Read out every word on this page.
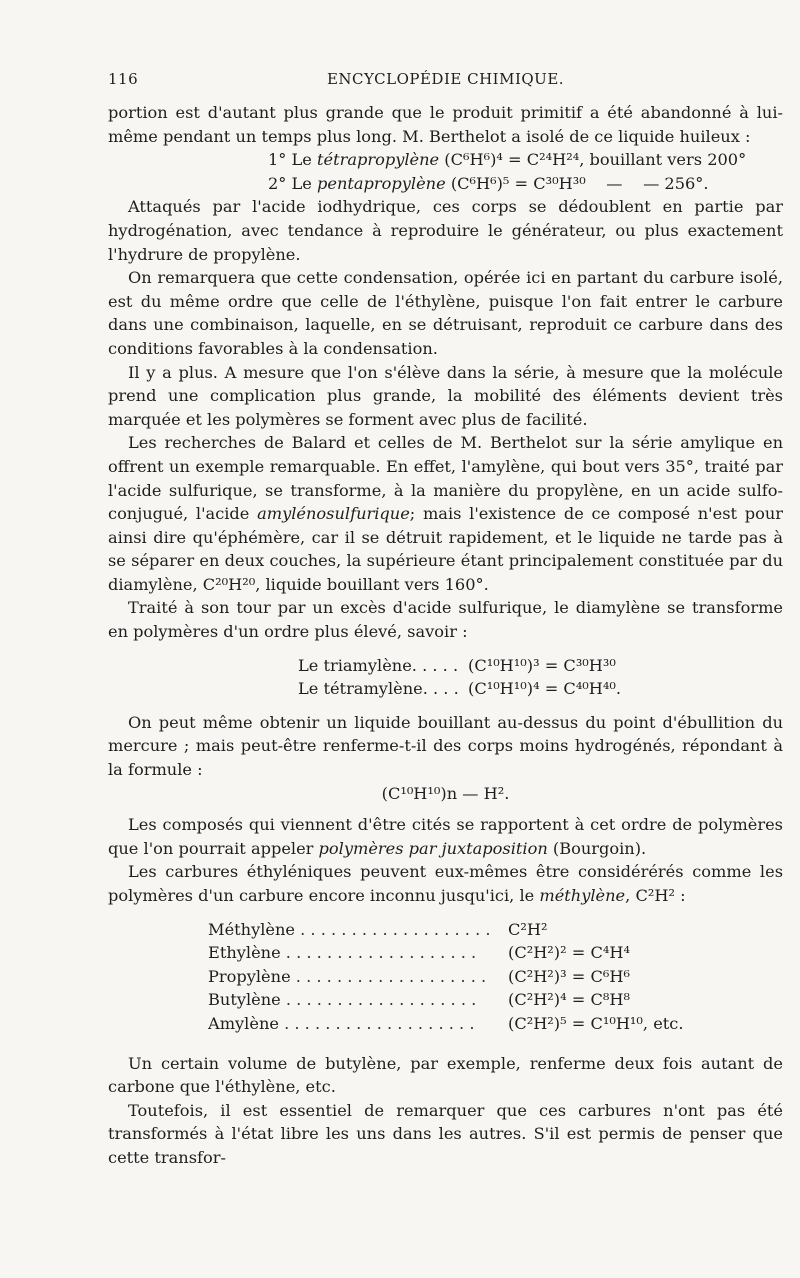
116	ENCYCLOPÉDIE CHIMIQUE.

portion est d'autant plus grande que le produit primitif a été abandonné à lui-même pendant un temps plus long. M. Berthelot a isolé de ce liquide huileux :

1° Le tétrapropylène (C⁶H⁶)⁴ = C²⁴H²⁴, bouillant vers 200°

2° Le pentapropylène (C⁶H⁶)⁵ = C³⁰H³⁰    —    — 256°.

Attaqués par l'acide iodhydrique, ces corps se dédoublent en partie par hydrogénation, avec tendance à reproduire le générateur, ou plus exactement l'hydrure de propylène.

On remarquera que cette condensation, opérée ici en partant du carbure isolé, est du même ordre que celle de l'éthylène, puisque l'on fait entrer le carbure dans une combinaison, laquelle, en se détruisant, reproduit ce carbure dans des conditions favorables à la condensation.

Il y a plus. A mesure que l'on s'élève dans la série, à mesure que la molécule prend une complication plus grande, la mobilité des éléments devient très marquée et les polymères se forment avec plus de facilité.

Les recherches de Balard et celles de M. Berthelot sur la série amylique en offrent un exemple remarquable. En effet, l'amylène, qui bout vers 35°, traité par l'acide sulfurique, se transforme, à la manière du propylène, en un acide sulfo-conjugué, l'acide amylénosulfurique; mais l'existence de ce composé n'est pour ainsi dire qu'éphémère, car il se détruit rapidement, et le liquide ne tarde pas à se séparer en deux couches, la supérieure étant principalement constituée par du diamylène, C²⁰H²⁰, liquide bouillant vers 160°.

Traité à son tour par un excès d'acide sulfurique, le diamylène se transforme en polymères d'un ordre plus élevé, savoir :

Le triamylène. . . . . (C¹⁰H¹⁰)³ = C³⁰H³⁰

Le tétramylène. . . . (C¹⁰H¹⁰)⁴ = C⁴⁰H⁴⁰.

On peut même obtenir un liquide bouillant au-dessus du point d'ébullition du mercure ; mais peut-être renferme-t-il des corps moins hydrogénés, répondant à la formule :

(C¹⁰H¹⁰)n — H².

Les composés qui viennent d'être cités se rapportent à cet ordre de polymères que l'on pourrait appeler polymères par juxtaposition (Bourgoin).

Les carbures éthyléniques peuvent eux-mêmes être considérérés comme les polymères d'un carbure encore inconnu jusqu'ici, le méthylène, C²H² :

Méthylène . . . . . . . . . . . . . . . . . . .	C²H²
Ethylène . . . . . . . . . . . . . . . . . . .	(C²H²)² = C⁴H⁴
Propylène . . . . . . . . . . . . . . . . . . .	(C²H²)³ = C⁶H⁶
Butylène . . . . . . . . . . . . . . . . . . .	(C²H²)⁴ = C⁸H⁸
Amylène . . . . . . . . . . . . . . . . . . .	(C²H²)⁵ = C¹⁰H¹⁰, etc.

Un certain volume de butylène, par exemple, renferme deux fois autant de carbone que l'éthylène, etc.

Toutefois, il est essentiel de remarquer que ces carbures n'ont pas été transformés à l'état libre les uns dans les autres. S'il est permis de penser que cette transfor-
